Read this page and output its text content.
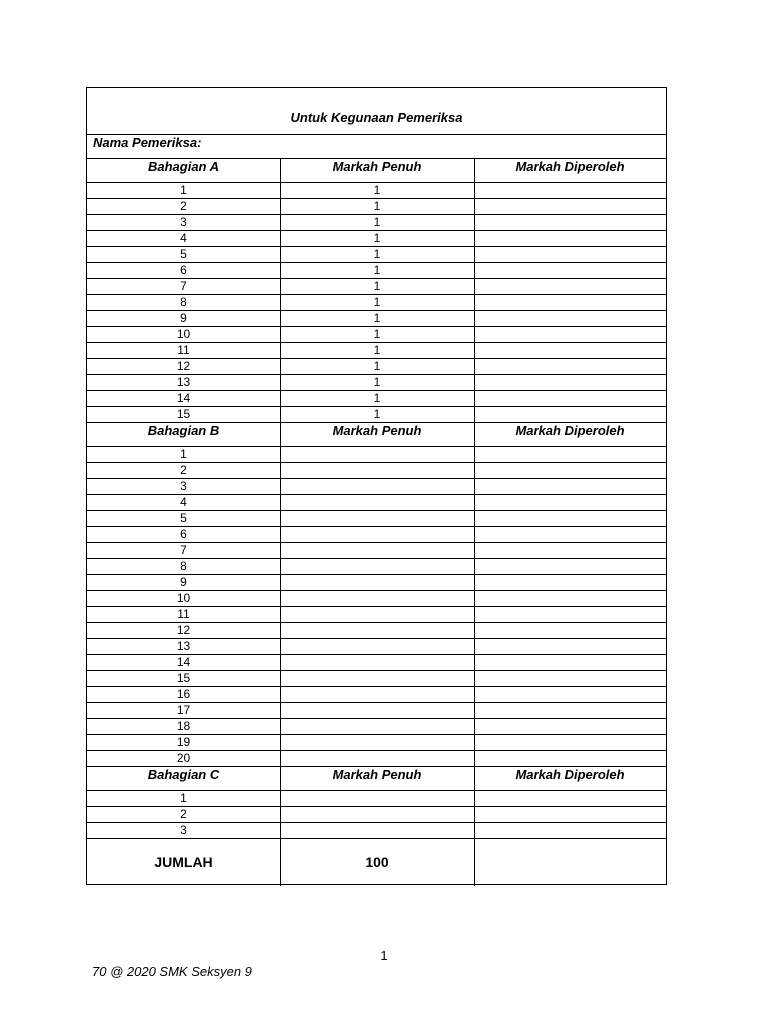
Untuk Kegunaan Pemeriksa
Nama Pemeriksa:
Bahagian A	Markah Penuh	Markah Diperoleh
1	1
2	1
3	1
4	1
5	1
6	1
7	1
8	1
9	1
10	1
11	1
12	1
13	1
14	1
15	1
Bahagian B	Markah Penuh	Markah Diperoleh
1
2
3
4
5
6
7
8
9
10
11
12
13
14
15
16
17
18
19
20
Bahagian C	Markah Penuh	Markah Diperoleh
1
2
3
JUMLAH	100
1
70 @ 2020 SMK Seksyen 9
